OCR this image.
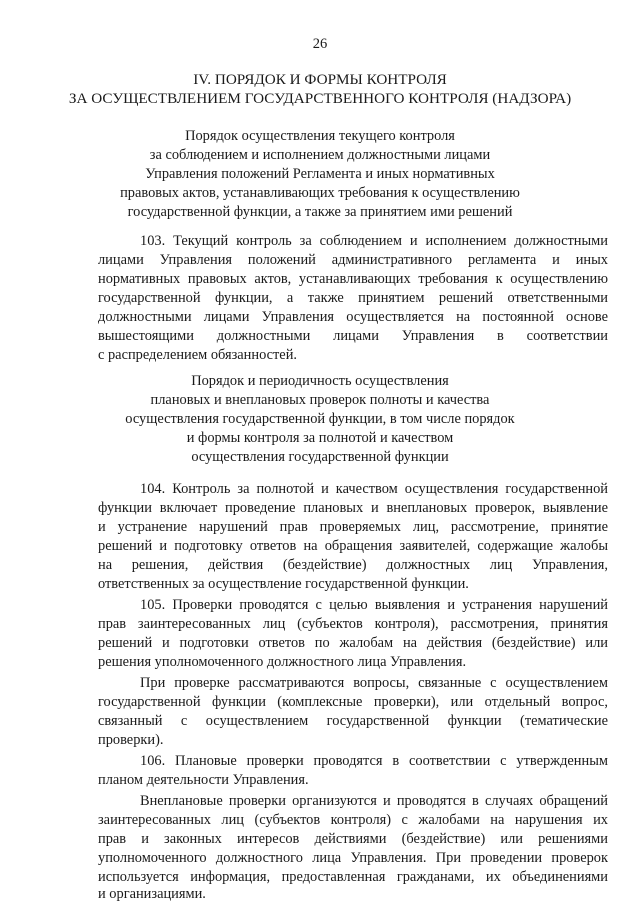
26
IV. ПОРЯДОК И ФОРМЫ КОНТРОЛЯ
ЗА ОСУЩЕСТВЛЕНИЕМ ГОСУДАРСТВЕННОГО КОНТРОЛЯ (НАДЗОРА)
Порядок осуществления текущего контроля
за соблюдением и исполнением должностными лицами
Управления положений Регламента и иных нормативных
правовых актов, устанавливающих требования к осуществлению
государственной функции, а также за принятием ими решений
103. Текущий контроль за соблюдением и исполнением должностными
лицами Управления положений административного регламента и иных
нормативных правовых актов, устанавливающих требования к осуществлению
государственной функции, а также принятием решений ответственными
должностными лицами Управления осуществляется на постоянной основе
вышестоящими должностными лицами Управления в соответствии
с распределением обязанностей.
Порядок и периодичность осуществления
плановых и внеплановых проверок полноты и качества
осуществления государственной функции, в том числе порядок
и формы контроля за полнотой и качеством
осуществления государственной функции
104. Контроль за полнотой и качеством осуществления государственной
функции включает проведение плановых и внеплановых проверок, выявление
и устранение нарушений прав проверяемых лиц, рассмотрение, принятие
решений и подготовку ответов на обращения заявителей, содержащие жалобы
на решения, действия (бездействие) должностных лиц Управления,
ответственных за осуществление государственной функции.
105. Проверки проводятся с целью выявления и устранения нарушений
прав заинтересованных лиц (субъектов контроля), рассмотрения, принятия
решений и подготовки ответов по жалобам на действия (бездействие) или
решения уполномоченного должностного лица Управления.
При проверке рассматриваются вопросы, связанные с осуществлением
государственной функции (комплексные проверки), или отдельный вопрос,
связанный с осуществлением государственной функции (тематические
проверки).
106. Плановые проверки проводятся в соответствии с утвержденным
планом деятельности Управления.
Внеплановые проверки организуются и проводятся в случаях обращений
заинтересованных лиц (субъектов контроля) с жалобами на нарушения их
прав и законных интересов действиями (бездействие) или решениями
уполномоченного должностного лица Управления. При проведении проверок
используется информация, предоставленная гражданами, их объединениями
и организациями.
